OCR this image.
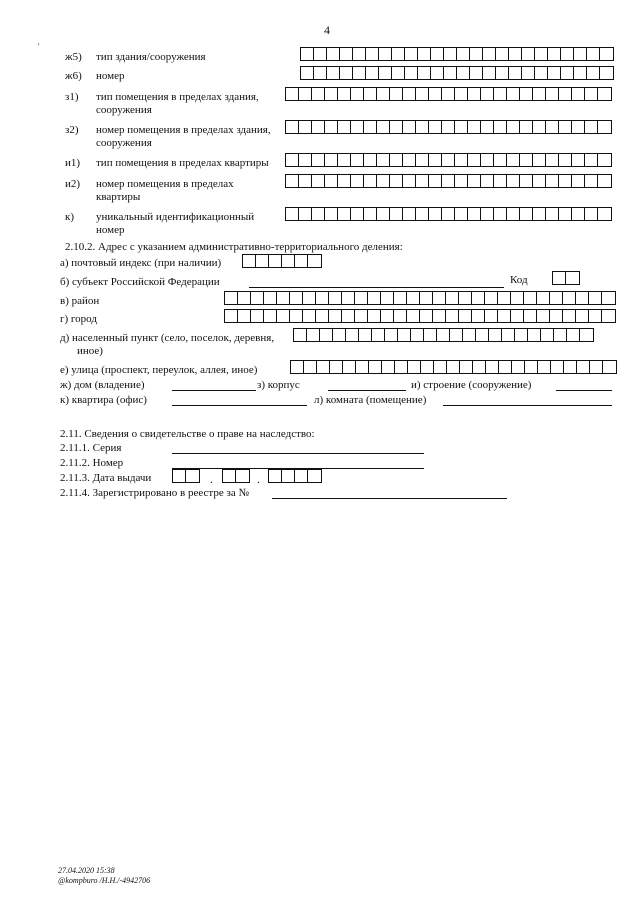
4
'
ж5) тип здания/сооружения
ж6) номер
з1) тип помещения в пределах здания,
сооружения
з2) номер помещения в пределах здания,
сооружения
и1) тип помещения в пределах квартиры
и2) номер помещения в пределах
квартиры
к) уникальный идентификационный
номер
2.10.2. Адрес с указанием административно-территориального деления:
а) почтовый индекс (при наличии)
б) субъект Российской Федерации	Код
в) район
г) город
д) населенный пункт (село, поселок, деревня,
иное)
е) улица (проспект, переулок, аллея, иное)
ж) дом (владение)	з) корпус	и) строение (сооружение)
к) квартира (офис)	л) комната (помещение)
2.11. Сведения о свидетельстве о праве на наследство:
2.11.1. Серия
2.11.2. Номер
2.11.3. Дата выдачи	.	.
2.11.4. Зарегистрировано в реестре за №
27.04.2020 15:38
@kompburo /Н.Н./-4942706
